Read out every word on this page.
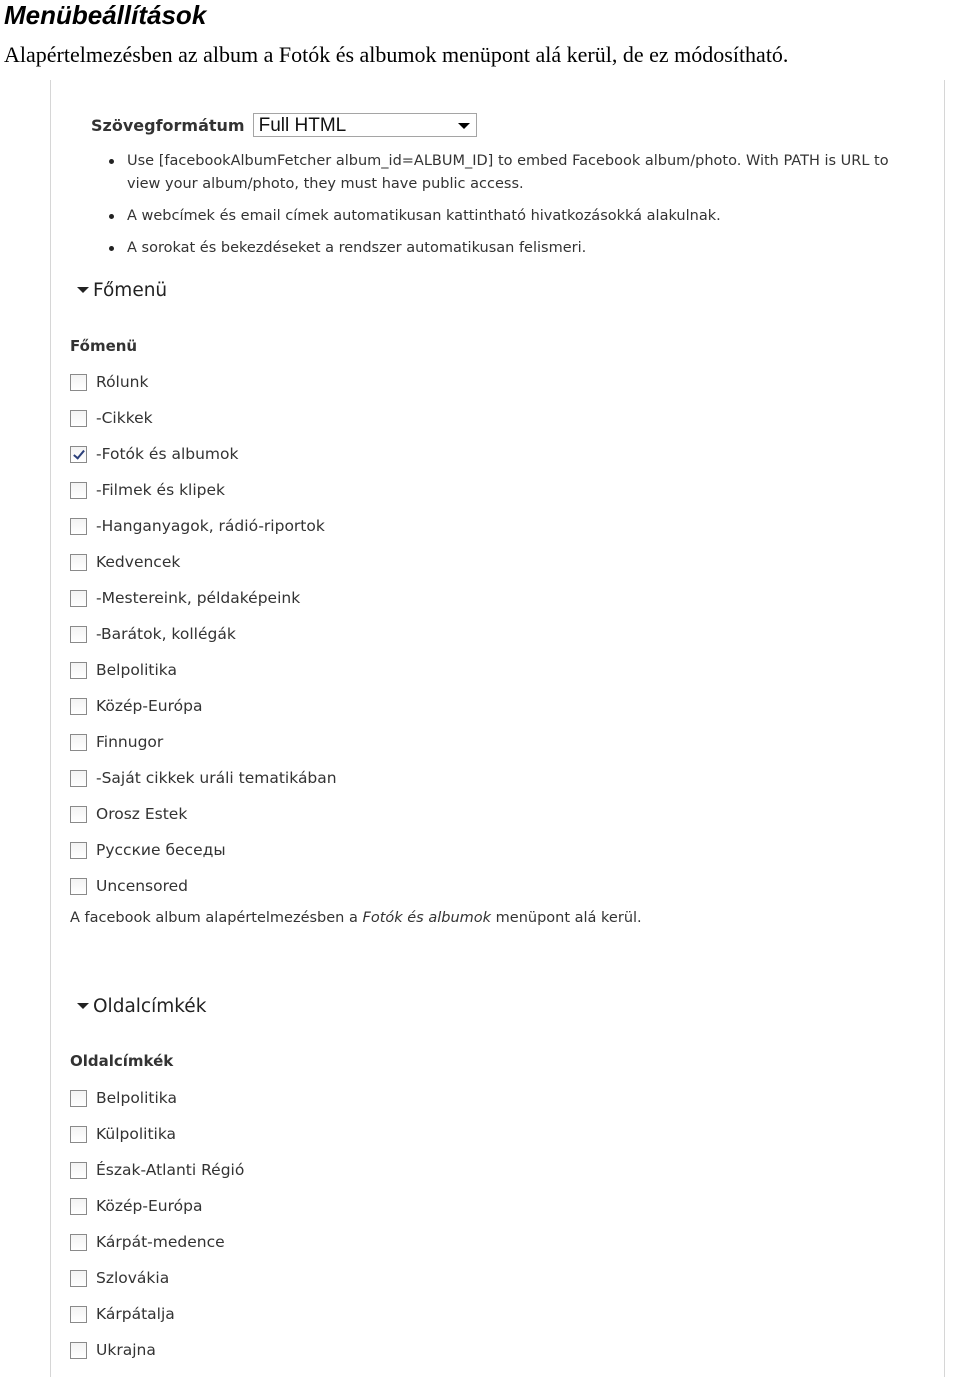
Menübeállítások
Alapértelmezésben az album a Fotók és albumok menüpont alá kerül, de ez módosítható.
Szövegformátum Full HTML
Use [facebookAlbumFetcher album_id=ALBUM_ID] to embed Facebook album/photo. With PATH is URL to view your album/photo, they must have public access.
A webcímek és email címek automatikusan kattintható hivatkozásokká alakulnak.
A sorokat és bekezdéseket a rendszer automatikusan felismeri.
Főmenü
Főmenü
Rólunk
-Cikkek
-Fotók és albumok
-Filmek és klipek
-Hanganyagok, rádió-riportok
Kedvencek
-Mestereink, példaképeink
-Barátok, kollégák
Belpolitika
Közép-Európa
Finnugor
-Saját cikkek uráli tematikában
Orosz Estek
Русские беседы
Uncensored
A facebook album alapértelmezésben a Fotók és albumok menüpont alá kerül.
Oldalcímkék
Oldalcímkék
Belpolitika
Külpolitika
Észak-Atlanti Régió
Közép-Európa
Kárpát-medence
Szlovákia
Kárpátalja
Ukrajna
